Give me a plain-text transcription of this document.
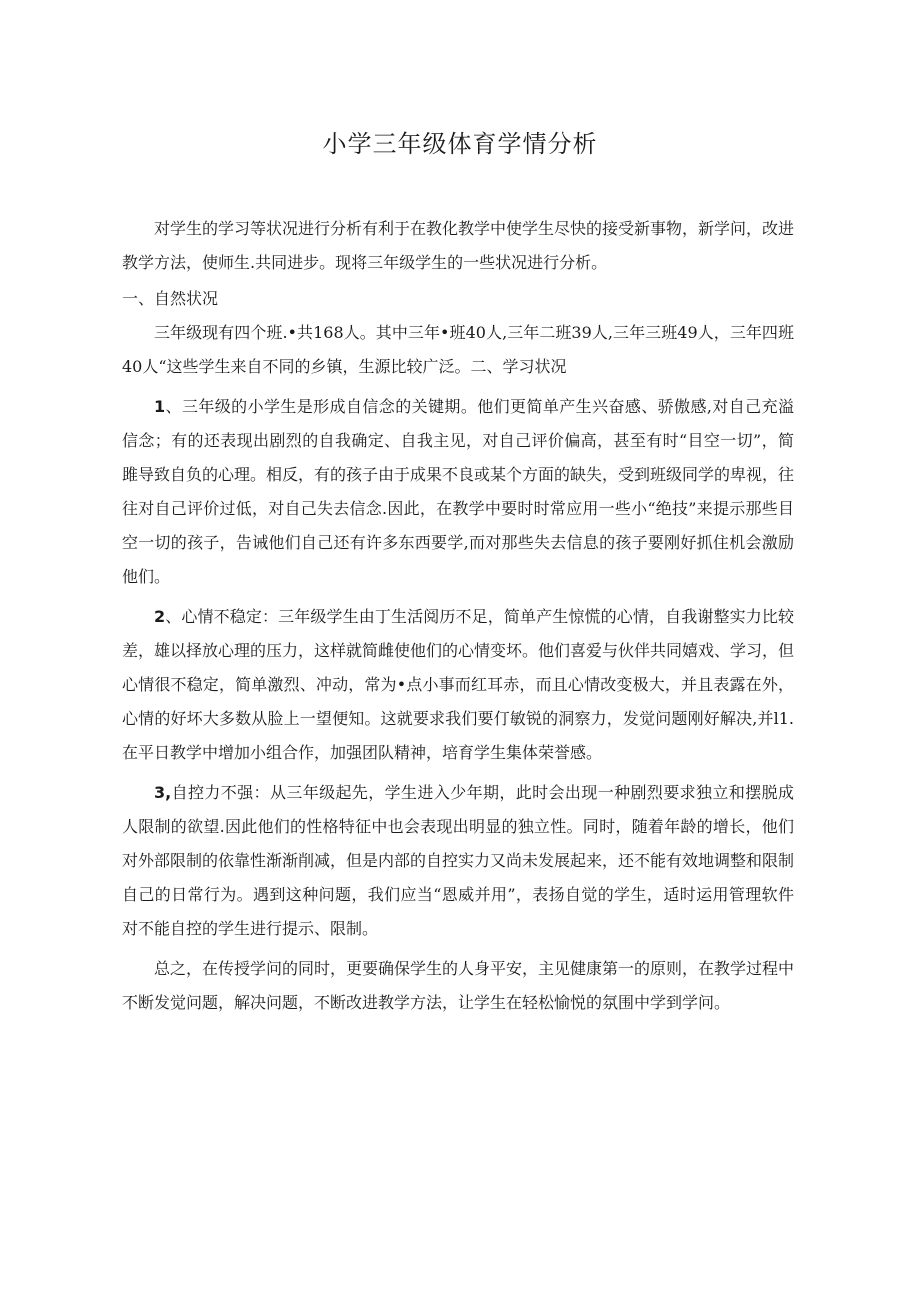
小学三年级体育学情分析

对学生的学习等状况进行分析有利于在教化教学中使学生尽快的接受新事物，新学问，改进教学方法，使师生.共同进步。现将三年级学生的一些状况进行分析。

一、自然状况

三年级现有四个班.•共168人。其中三年•班40人,三年二班39人,三年三班49人，三年四班40人“这些学生来自不同的乡镇，生源比较广泛。二、学习状况

1、三年级的小学生是形成自信念的关键期。他们更简单产生兴奋感、骄傲感,对自己充溢信念；有的还表现出剧烈的自我确定、自我主见，对自己评价偏高，甚至有时“目空一切”，简雎导致自负的心理。相反，有的孩子由于成果不良或某个方面的缺失，受到班级同学的卑视，往往对自己评价过低，对自己失去信念.因此，在教学中要时时常应用一些小“绝技”来提示那些目空一切的孩子，告诫他们自己还有许多东西要学,而对那些失去信息的孩子要刚好抓住机会激励他们。

2、心情不稳定：三年级学生由丁生活阅历不足，简单产生惊慌的心情，自我谢整实力比较差，雄以择放心理的压力，这样就简雌使他们的心情变坏。他们喜爱与伙伴共同嬉戏、学习，但心情很不稳定，简单激烈、冲动，常为•点小事而红耳赤，而且心情改变极大，并且表露在外，心情的好坏大多数从脸上一望便知。这就要求我们要仃敏锐的洞察力，发觉问题刚好解决,并l1.在平日教学中增加小组合作，加强团队精神，培育学生集体荣誉感。

3,自控力不强：从三年级起先，学生进入少年期，此时会出现一种剧烈要求独立和摆脱成人限制的欲望.因此他们的性格特征中也会表现出明显的独立性。同时，随着年龄的增长，他们对外部限制的依靠性渐渐削减，但是内部的自控实力又尚未发展起来，还不能有效地调整和限制自己的日常行为。遇到这种问题，我们应当“恩威并用”，表扬自觉的学生，适时运用管理软件对不能自控的学生进行提示、限制。

总之，在传授学问的同时，更要确保学生的人身平安，主见健康第一的原则，在教学过程中不断发觉问题，解决问题，不断改进教学方法，让学生在轻松愉悦的氛围中学到学问。
